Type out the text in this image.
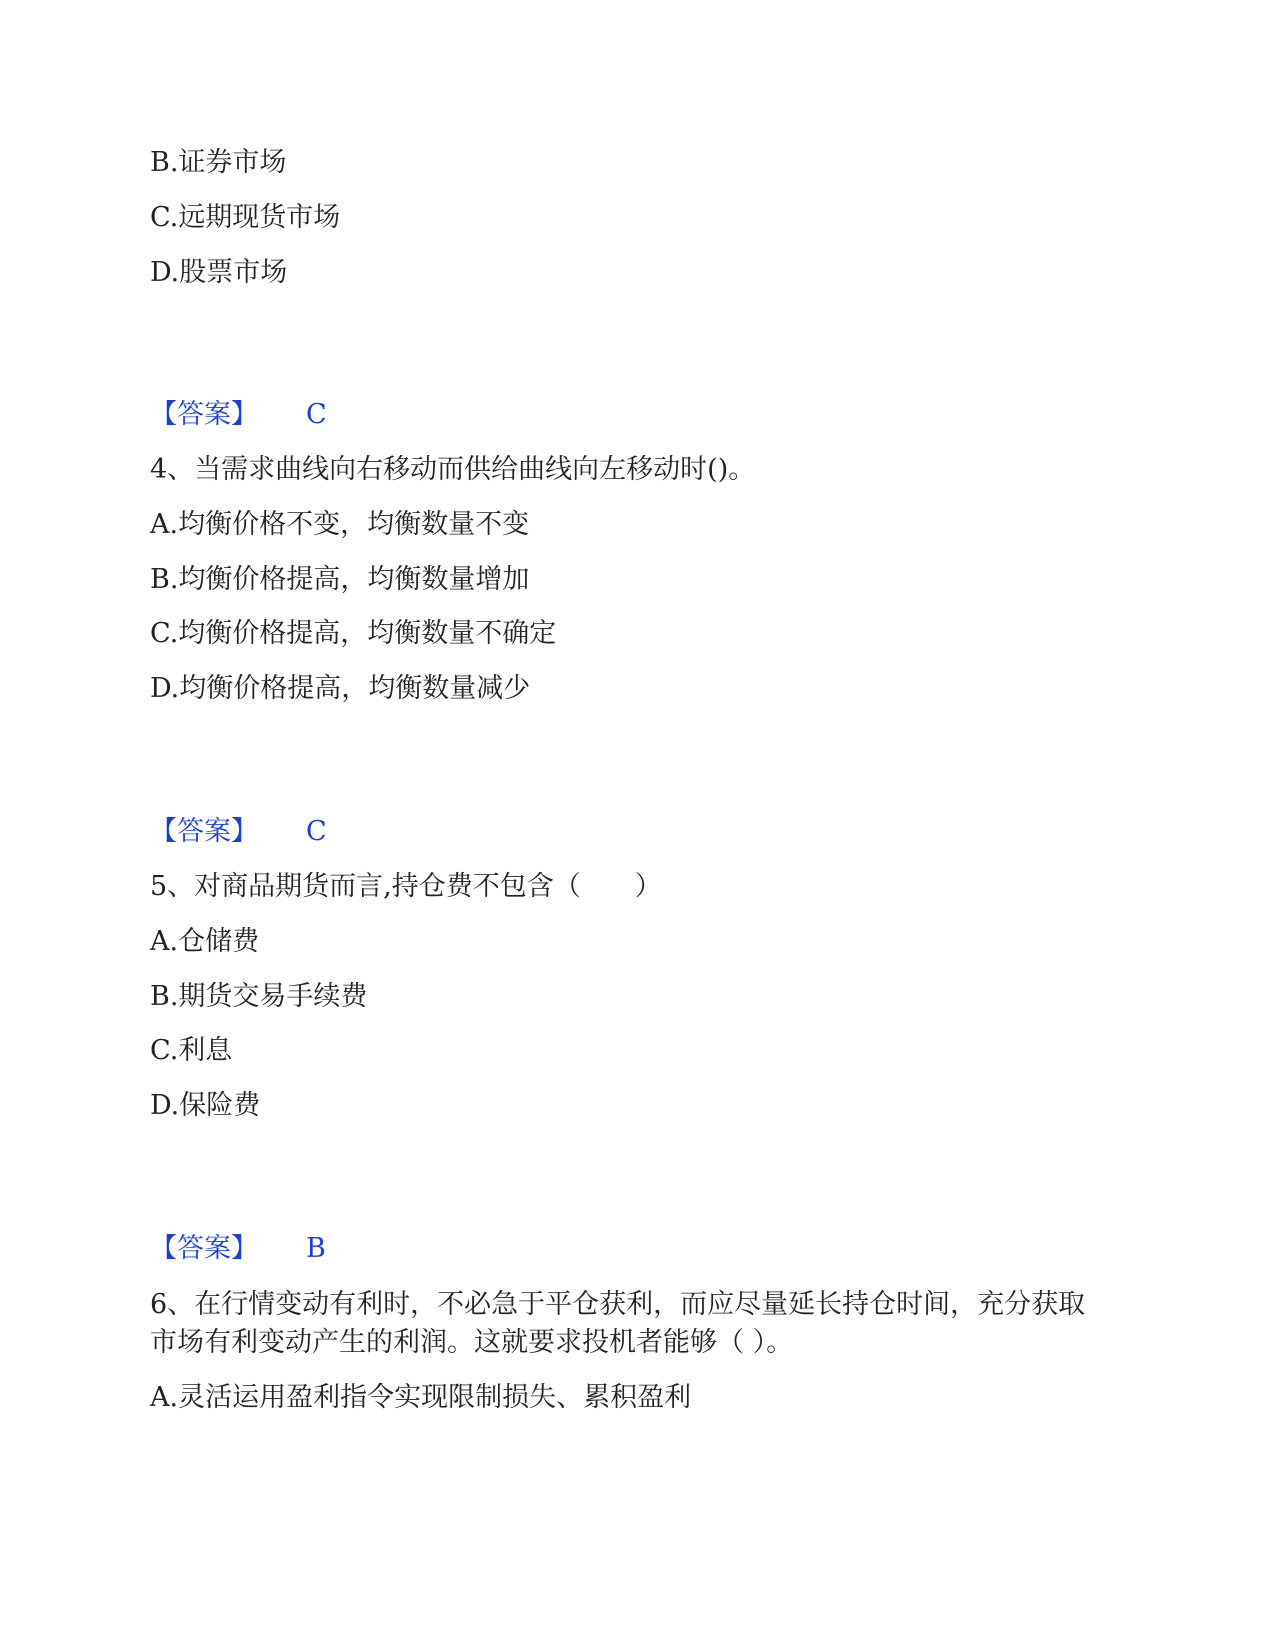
B.证券市场
C.远期现货市场
D.股票市场
【答案】 C
4、当需求曲线向右移动而供给曲线向左移动时()。
A.均衡价格不变，均衡数量不变
B.均衡价格提高，均衡数量增加
C.均衡价格提高，均衡数量不确定
D.均衡价格提高，均衡数量减少
【答案】 C
5、对商品期货而言,持仓费不包含（　　）
A.仓储费
B.期货交易手续费
C.利息
D.保险费
【答案】 B
6、在行情变动有利时，不必急于平仓获利，而应尽量延长持仓时间，充分获取市场有利变动产生的利润。这就要求投机者能够（ ）。
A.灵活运用盈利指令实现限制损失、累积盈利
